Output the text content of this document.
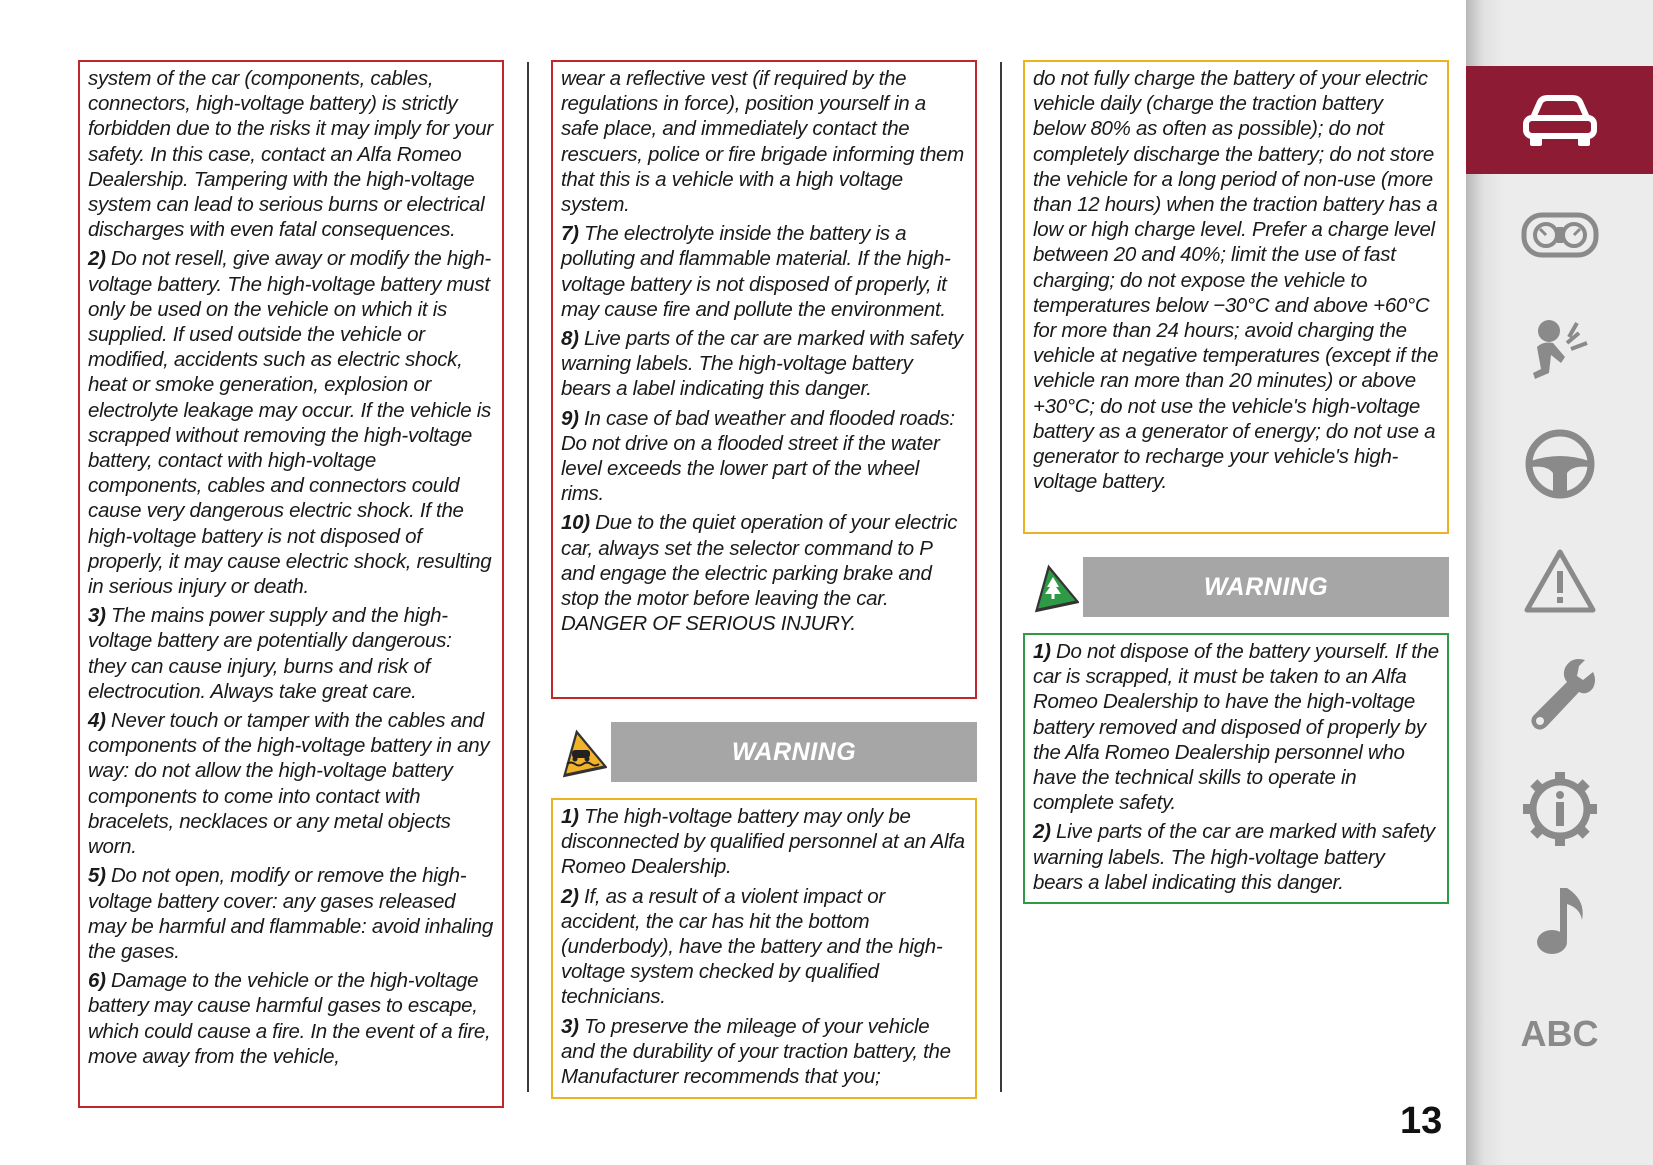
system of the car (components, cables, connectors, high-voltage battery) is strictly forbidden due to the risks it may imply for your safety. In this case, contact an Alfa Romeo Dealership. Tampering with the high-voltage system can lead to serious burns or electrical discharges with even fatal consequences.
2) Do not resell, give away or modify the high-voltage battery. The high-voltage battery must only be used on the vehicle on which it is supplied. If used outside the vehicle or modified, accidents such as electric shock, heat or smoke generation, explosion or electrolyte leakage may occur. If the vehicle is scrapped without removing the high-voltage battery, contact with high-voltage components, cables and connectors could cause very dangerous electric shock. If the high-voltage battery is not disposed of properly, it may cause electric shock, resulting in serious injury or death.
3) The mains power supply and the high-voltage battery are potentially dangerous: they can cause injury, burns and risk of electrocution. Always take great care.
4) Never touch or tamper with the cables and components of the high-voltage battery in any way: do not allow the high-voltage battery components to come into contact with bracelets, necklaces or any metal objects worn.
5) Do not open, modify or remove the high-voltage battery cover: any gases released may be harmful and flammable: avoid inhaling the gases.
6) Damage to the vehicle or the high-voltage battery may cause harmful gases to escape, which could cause a fire. In the event of a fire, move away from the vehicle,
wear a reflective vest (if required by the regulations in force), position yourself in a safe place, and immediately contact the rescuers, police or fire brigade informing them that this is a vehicle with a high voltage system.
7) The electrolyte inside the battery is a polluting and flammable material. If the high-voltage battery is not disposed of properly, it may cause fire and pollute the environment.
8) Live parts of the car are marked with safety warning labels. The high-voltage battery bears a label indicating this danger.
9) In case of bad weather and flooded roads: Do not drive on a flooded street if the water level exceeds the lower part of the wheel rims.
10) Due to the quiet operation of your electric car, always set the selector command to P and engage the electric parking brake and stop the motor before leaving the car. DANGER OF SERIOUS INJURY.
WARNING
1) The high-voltage battery may only be disconnected by qualified personnel at an Alfa Romeo Dealership.
2) If, as a result of a violent impact or accident, the car has hit the bottom (underbody), have the battery and the high-voltage system checked by qualified technicians.
3) To preserve the mileage of your vehicle and the durability of your traction battery, the Manufacturer recommends that you;
do not fully charge the battery of your electric vehicle daily (charge the traction battery below 80% as often as possible); do not completely discharge the battery; do not store the vehicle for a long period of non-use (more than 12 hours) when the traction battery has a low or high charge level. Prefer a charge level between 20 and 40%; limit the use of fast charging; do not expose the vehicle to temperatures below −30°C and above +60°C for more than 24 hours; avoid charging the vehicle at negative temperatures (except if the vehicle ran more than 20 minutes) or above +30°C; do not use the vehicle's high-voltage battery as a generator of energy; do not use a generator to recharge your vehicle's high-voltage battery.
WARNING
1) Do not dispose of the battery yourself. If the car is scrapped, it must be taken to an Alfa Romeo Dealership to have the high-voltage battery removed and disposed of properly by the Alfa Romeo Dealership personnel who have the technical skills to operate in complete safety.
2) Live parts of the car are marked with safety warning labels. The high-voltage battery bears a label indicating this danger.
13
ABC
